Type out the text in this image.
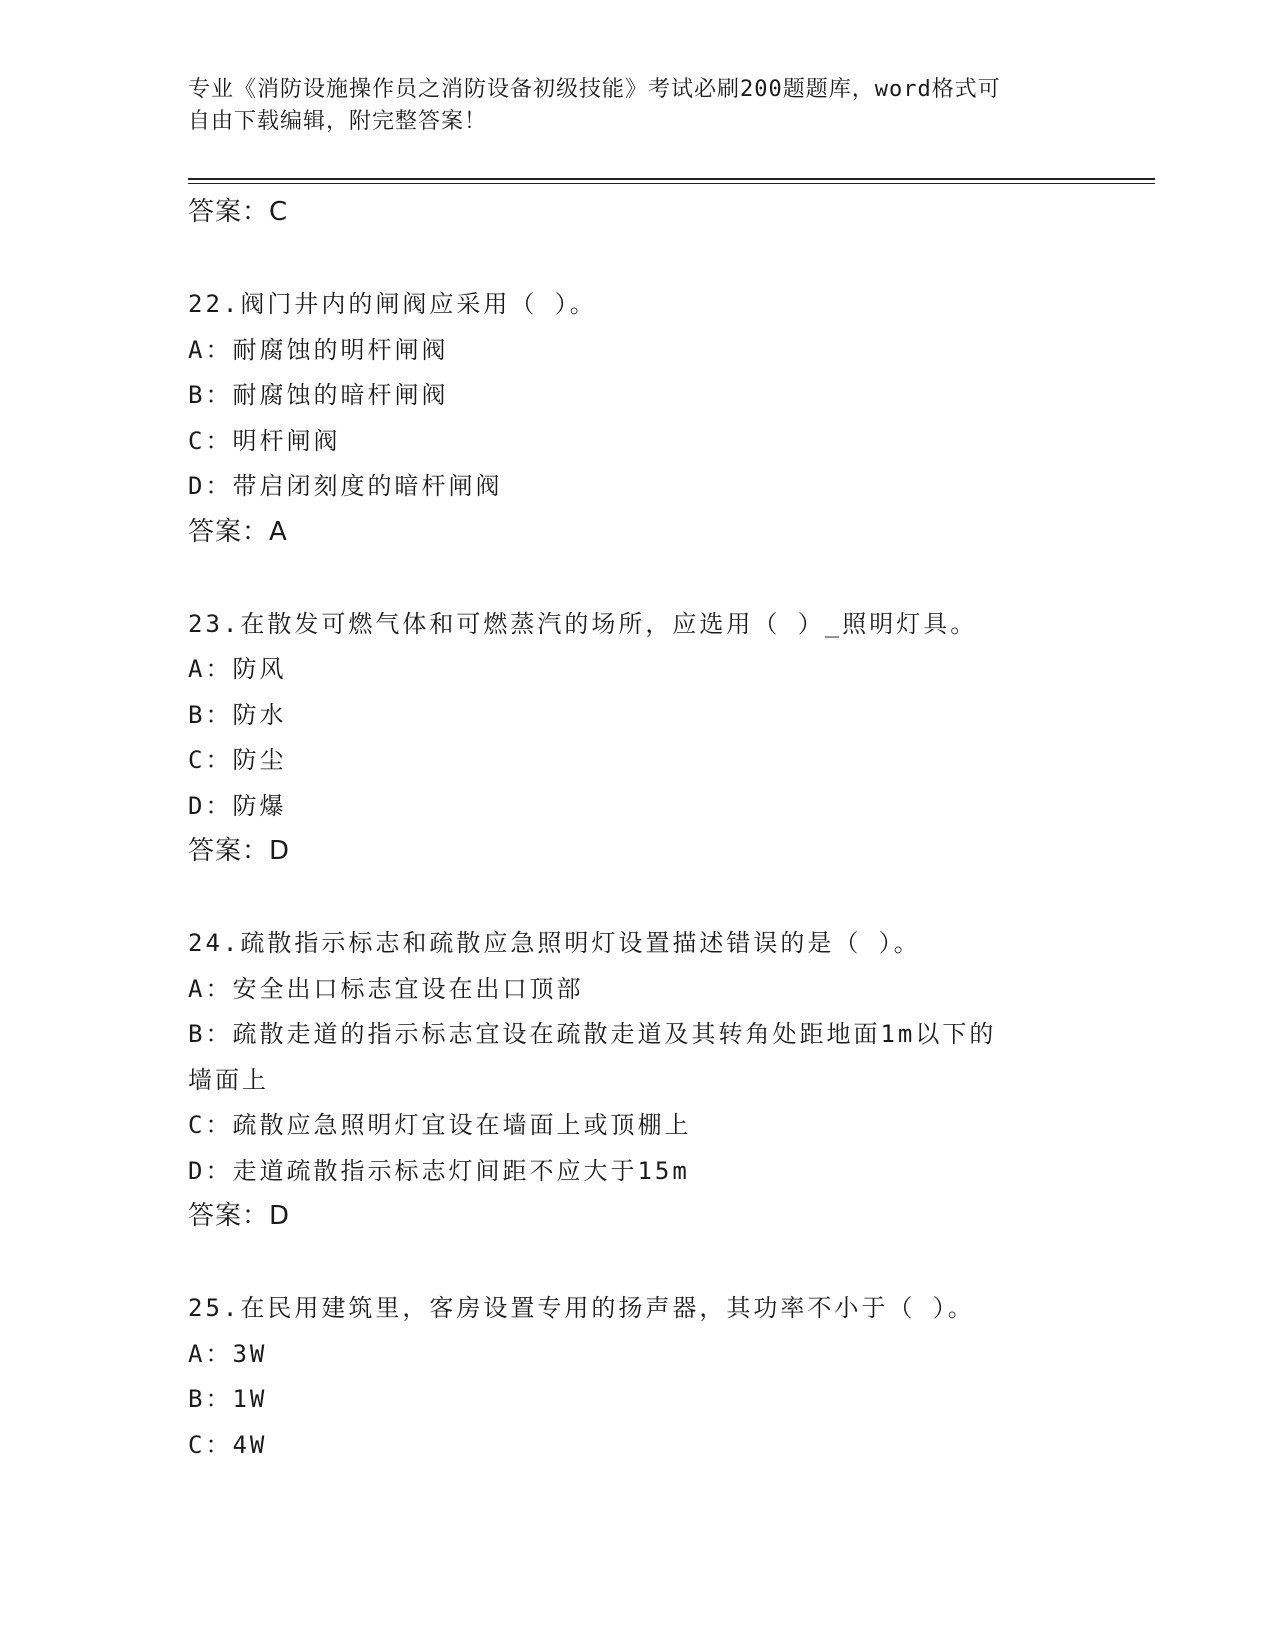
专业《消防设施操作员之消防设备初级技能》考试必刷200题题库，word格式可
自由下载编辑，附完整答案！
答案：C
22.阀门井内的闸阀应采用（ ）。
A：耐腐蚀的明杆闸阀
B：耐腐蚀的暗杆闸阀
C：明杆闸阀
D：带启闭刻度的暗杆闸阀
答案：A
23.在散发可燃气体和可燃蒸汽的场所，应选用（ ）_照明灯具。
A：防风
B：防水
C：防尘
D：防爆
答案：D
24.疏散指示标志和疏散应急照明灯设置描述错误的是（ ）。
A：安全出口标志宜设在出口顶部
B：疏散走道的指示标志宜设在疏散走道及其转角处距地面1m以下的
墙面上
C：疏散应急照明灯宜设在墙面上或顶棚上
D：走道疏散指示标志灯间距不应大于15m
答案：D
25.在民用建筑里，客房设置专用的扬声器，其功率不小于（ ）。
A：3W
B：1W
C：4W
